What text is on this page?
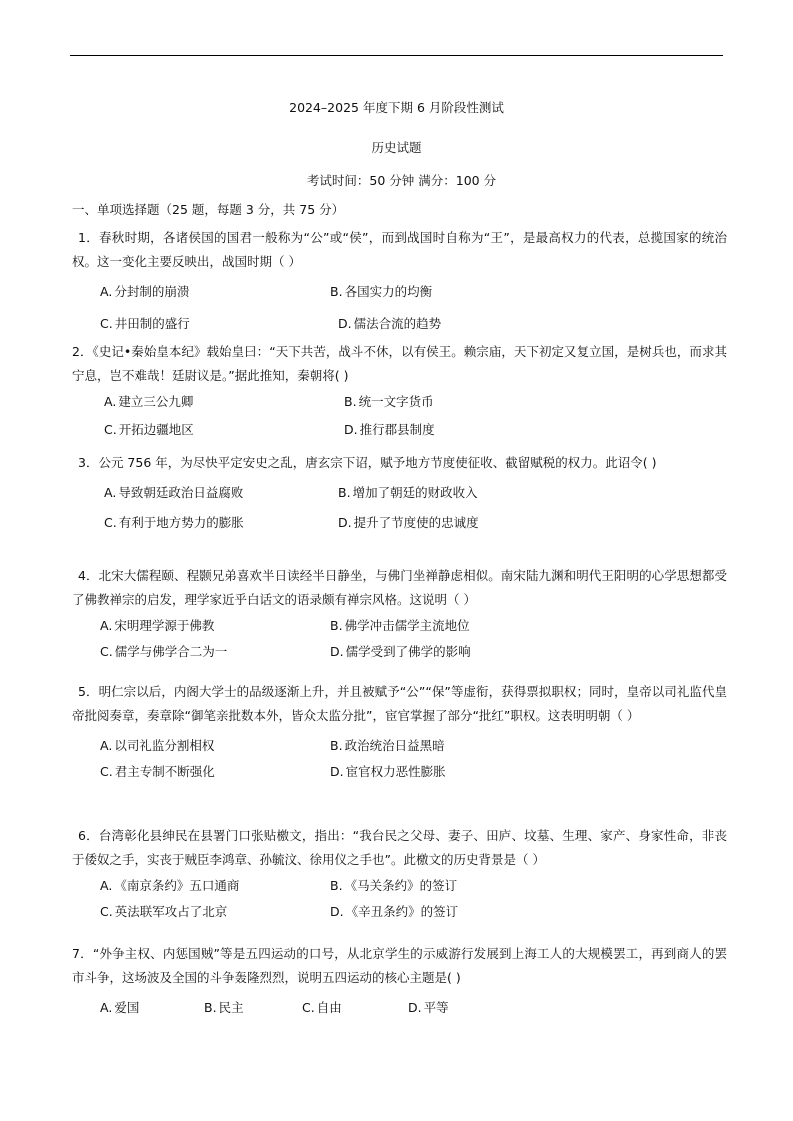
2024–2025 年度下期 6 月阶段性测试
历史试题
考试时间：50 分钟 满分：100 分
一、单项选择题（25 题，每题 3 分，共 75 分）

1．春秋时期，各诸侯国的国君一般称为“公”或“侯”，而到战国时自称为“王”，是最高权力的代表，总揽国家的统治权。这一变化主要反映出，战国时期（ ）

A. 分封制的崩溃	B. 各国实力的均衡
C. 井田制的盛行	D. 儒法合流的趋势

2．《史记•秦始皇本纪》载始皇曰：“天下共苦，战斗不休，以有侯王。赖宗庙，天下初定又复立国，是树兵也，而求其宁息，岂不难哉！廷尉议是。”据此推知，秦朝将( )

A. 建立三公九卿	B. 统一文字货币
C. 开拓边疆地区	D. 推行郡县制度

3．公元 756 年，为尽快平定安史之乱，唐玄宗下诏，赋予地方节度使征收、截留赋税的权力。此诏令( )

A. 导致朝廷政治日益腐败	B. 增加了朝廷的财政收入
C. 有利于地方势力的膨胀	D. 提升了节度使的忠诚度

4．北宋大儒程颐、程颢兄弟喜欢半日读经半日静坐，与佛门坐禅静虑相似。南宋陆九渊和明代王阳明的心学思想都受了佛教禅宗的启发，理学家近乎白话文的语录颇有禅宗风格。这说明（ ）

A. 宋明理学源于佛教	B. 佛学冲击儒学主流地位
C. 儒学与佛学合二为一	D. 儒学受到了佛学的影响

5．明仁宗以后，内阁大学士的品级逐渐上升，并且被赋予“公”“保”等虚衔，获得票拟职权；同时，皇帝以司礼监代皇帝批阅奏章，奏章除“御笔亲批数本外，皆众太监分批”，宦官掌握了部分“批红”职权。这表明明朝（ ）

A. 以司礼监分割相权	B. 政治统治日益黑暗
C. 君主专制不断强化	D. 宦官权力恶性膨胀

6．台湾彰化县绅民在县署门口张贴檄文，指出：“我台民之父母、妻子、田庐、坟墓、生理、家产、身家性命，非丧于倭奴之手，实丧于贼臣李鸿章、孙毓汶、徐用仪之手也”。此檄文的历史背景是（ ）

A. 《南京条约》五口通商	B. 《马关条约》的签订
C. 英法联军攻占了北京	D. 《辛丑条约》的签订

7．“外争主权、内惩国贼”等是五四运动的口号，从北京学生的示威游行发展到上海工人的大规模罢工，再到商人的罢市斗争，这场波及全国的斗争轰隆烈烈，说明五四运动的核心主题是( )

A. 爱国	B. 民主	C. 自由	D. 平等
